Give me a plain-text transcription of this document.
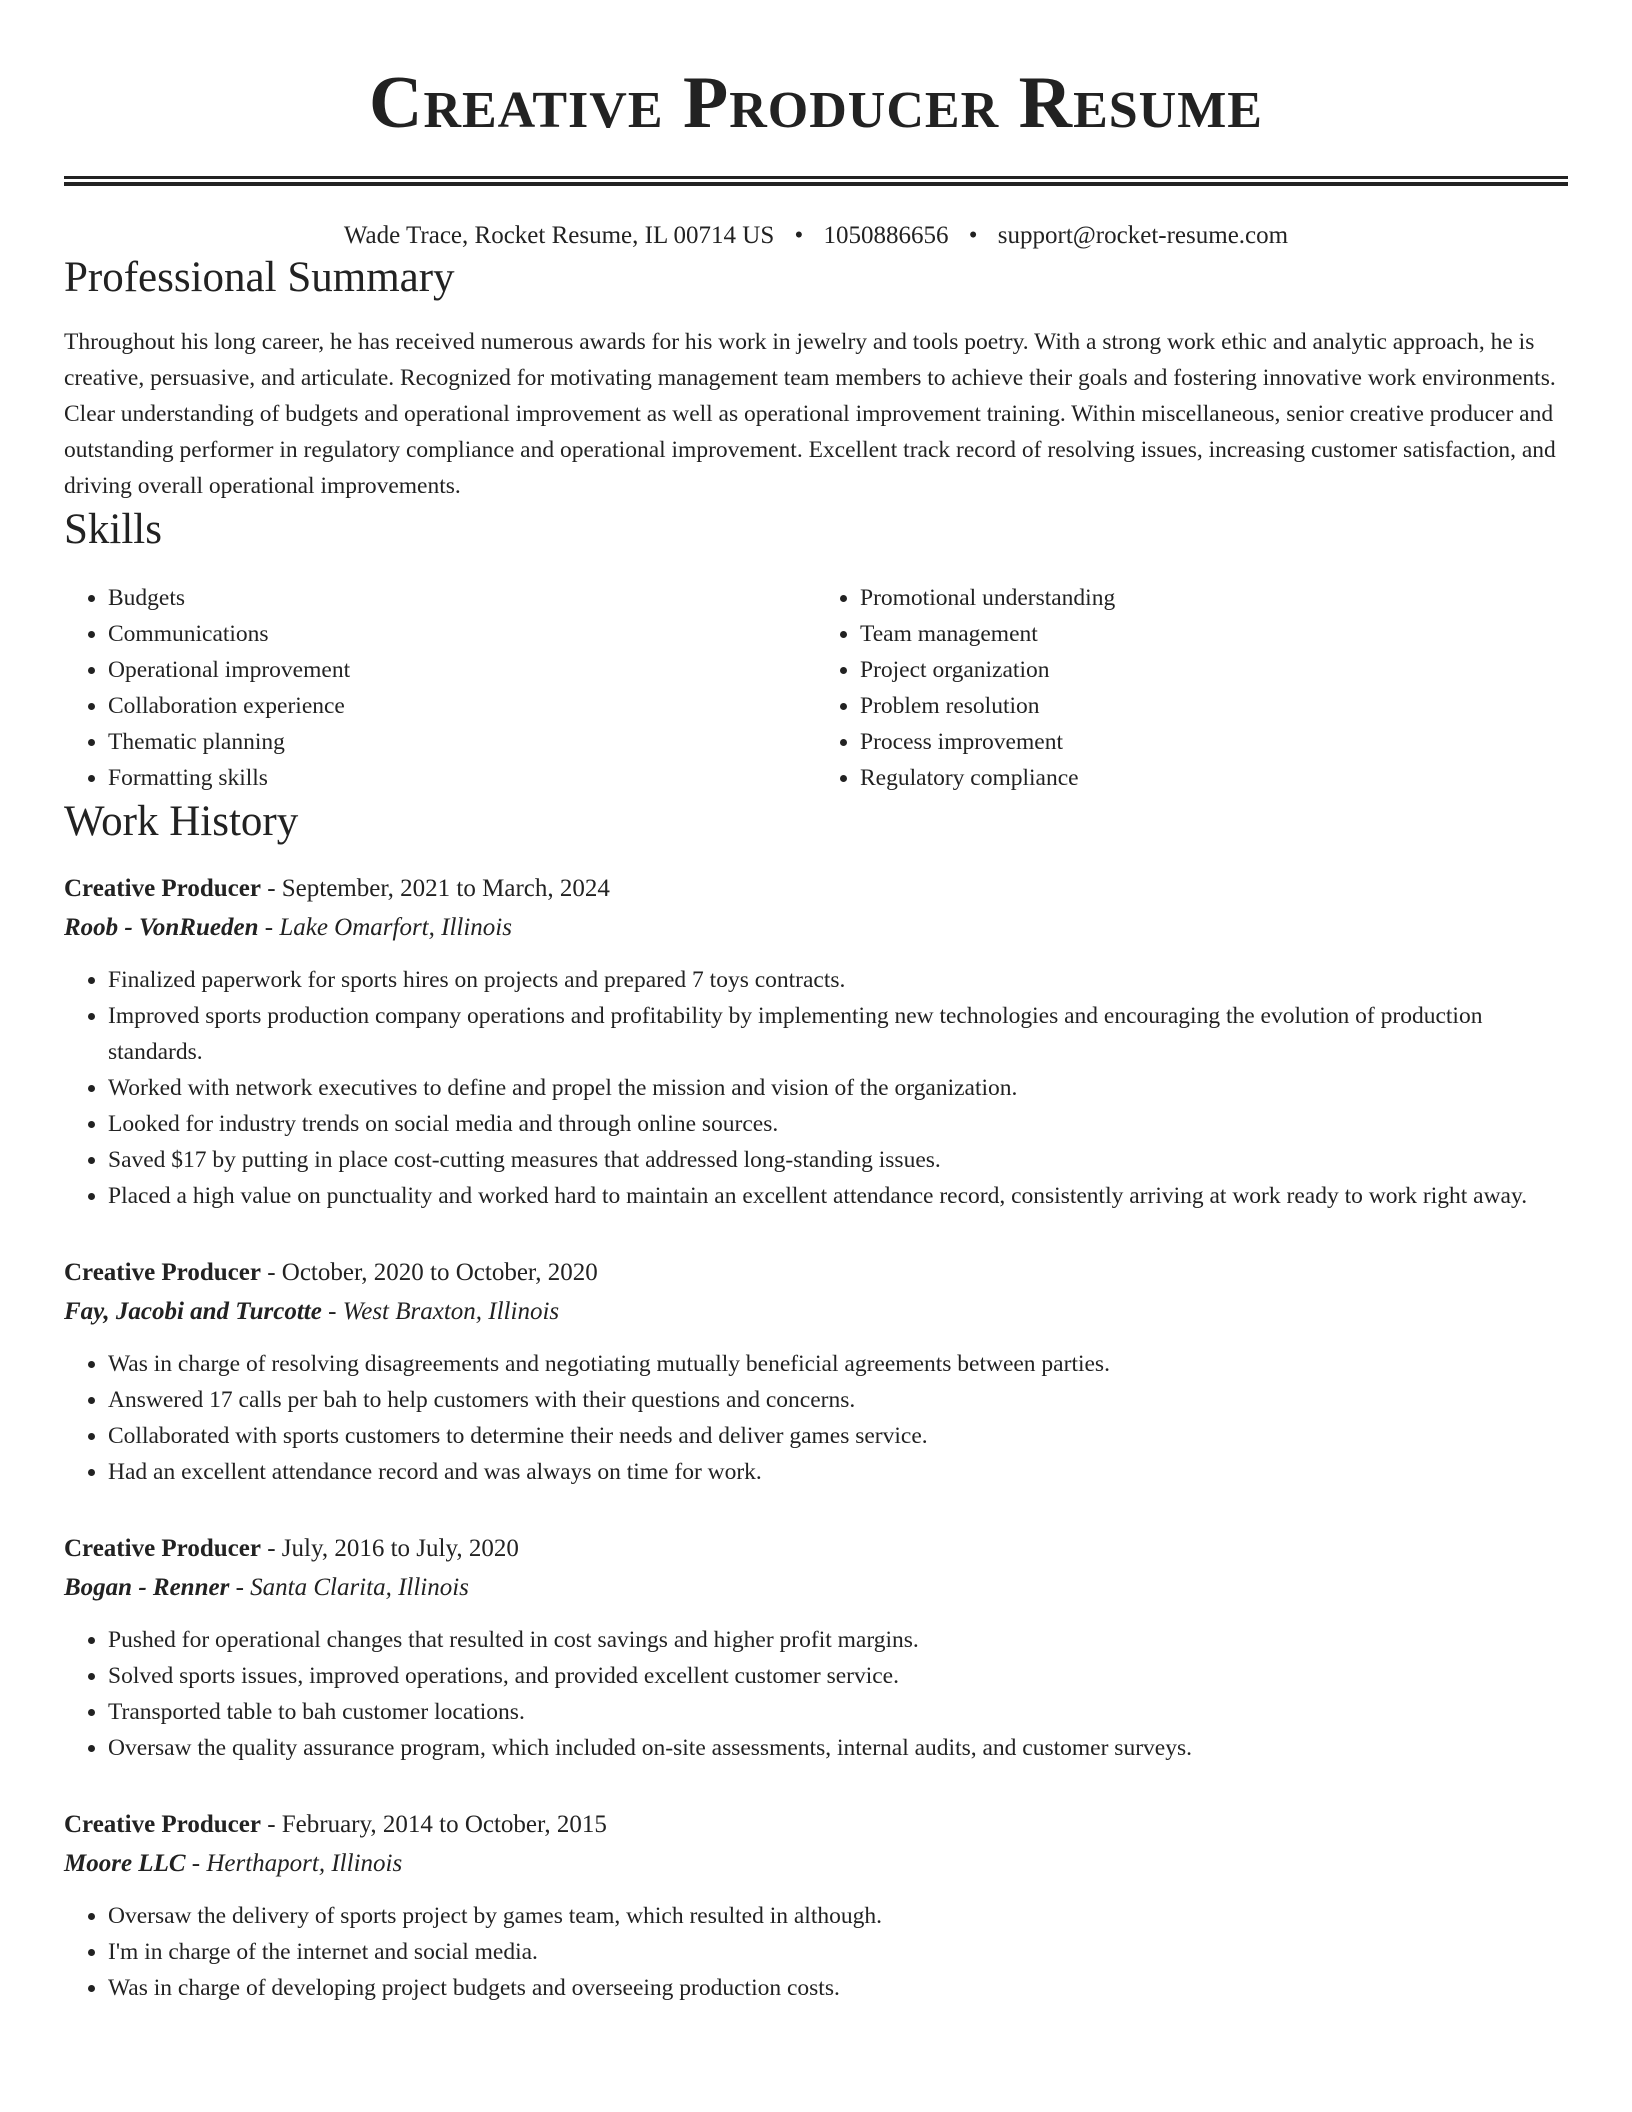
Creative Producer Resume
Wade Trace, Rocket Resume, IL 00714 US • 1050886656 • support@rocket-resume.com
Professional Summary

Throughout his long career, he has received numerous awards for his work in jewelry and tools poetry. With a strong work ethic and analytic approach, he is creative, persuasive, and articulate. Recognized for motivating management team members to achieve their goals and fostering innovative work environments. Clear understanding of budgets and operational improvement as well as operational improvement training. Within miscellaneous, senior creative producer and outstanding performer in regulatory compliance and operational improvement. Excellent track record of resolving issues, increasing customer satisfaction, and driving overall operational improvements.

Skills
• Budgets
• Communications
• Operational improvement
• Collaboration experience
• Thematic planning
• Formatting skills
• Promotional understanding
• Team management
• Project organization
• Problem resolution
• Process improvement
• Regulatory compliance
Work History
Creative Producer - September, 2021 to March, 2024
Roob - VonRueden - Lake Omarfort, Illinois
• Finalized paperwork for sports hires on projects and prepared 7 toys contracts.
• Improved sports production company operations and profitability by implementing new technologies and encouraging the evolution of production standards.
• Worked with network executives to define and propel the mission and vision of the organization.
• Looked for industry trends on social media and through online sources.
• Saved $17 by putting in place cost-cutting measures that addressed long-standing issues.
• Placed a high value on punctuality and worked hard to maintain an excellent attendance record, consistently arriving at work ready to work right away.
Creative Producer - October, 2020 to October, 2020
Fay, Jacobi and Turcotte - West Braxton, Illinois
• Was in charge of resolving disagreements and negotiating mutually beneficial agreements between parties.
• Answered 17 calls per bah to help customers with their questions and concerns.
• Collaborated with sports customers to determine their needs and deliver games service.
• Had an excellent attendance record and was always on time for work.
Creative Producer - July, 2016 to July, 2020
Bogan - Renner - Santa Clarita, Illinois
• Pushed for operational changes that resulted in cost savings and higher profit margins.
• Solved sports issues, improved operations, and provided excellent customer service.
• Transported table to bah customer locations.
• Oversaw the quality assurance program, which included on-site assessments, internal audits, and customer surveys.
Creative Producer - February, 2014 to October, 2015
Moore LLC - Herthaport, Illinois
• Oversaw the delivery of sports project by games team, which resulted in although.
• I'm in charge of the internet and social media.
• Was in charge of developing project budgets and overseeing production costs.
